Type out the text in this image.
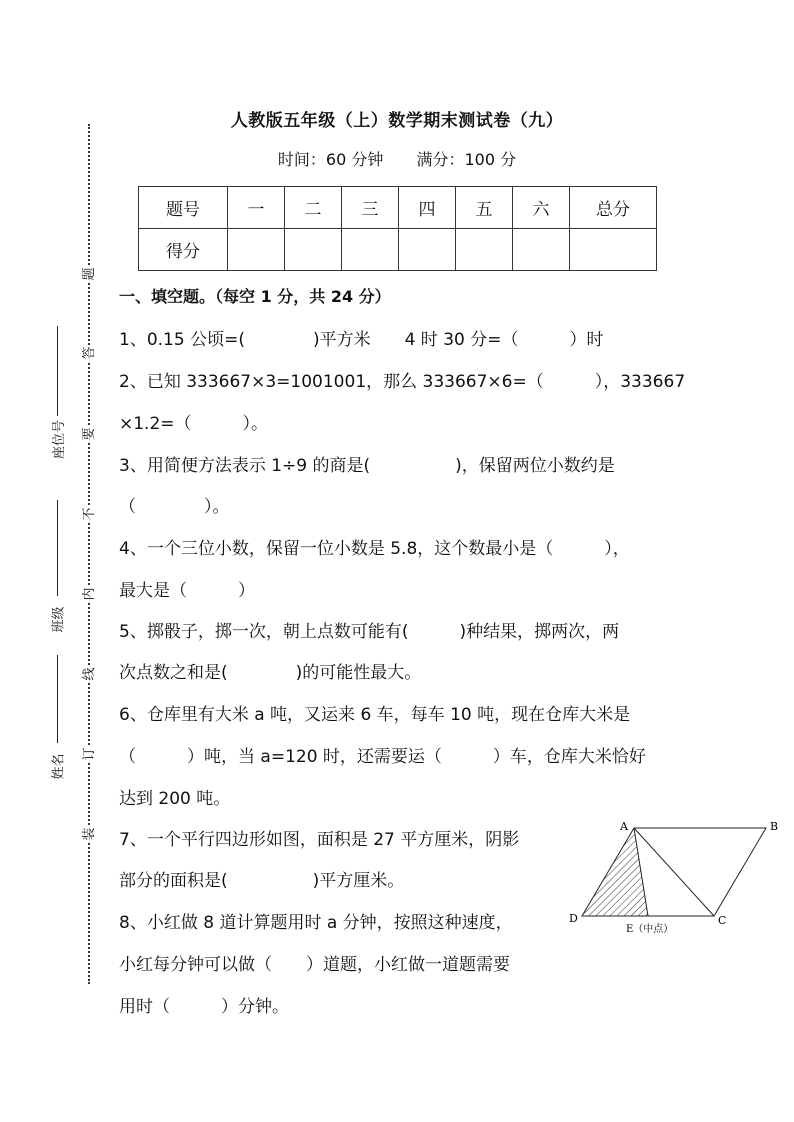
题
答
要
不
内
线
订
装
座位号
班级
姓名
人教版五年级（上）数学期末测试卷（九）
时间：60 分钟 满分：100 分
题号	一	二	三	四	五	六	总分
得分							
一、填空题。（每空 1 分，共 24 分）
1、0.15 公顷=(　　　　)平方米　　4 时 30 分=（　　　）时
2、已知 333667×3=1001001，那么 333667×6=（　　　），333667
×1.2=（　　　）。
3、用简便方法表示 1÷9 的商是(　　　　　)，保留两位小数约是
（　　　　）。
4、一个三位小数，保留一位小数是 5.8，这个数最小是（　　　），
最大是（　　　）
5、掷骰子，掷一次，朝上点数可能有(　　　)种结果，掷两次，两
次点数之和是(　　　　)的可能性最大。
6、仓库里有大米 a 吨，又运来 6 车，每车 10 吨，现在仓库大米是
（　　　）吨，当 a=120 时，还需要运（　　　）车，仓库大米恰好
达到 200 吨。
7、一个平行四边形如图，面积是 27 平方厘米，阴影
部分的面积是(　　　　　)平方厘米。
8、小红做 8 道计算题用时 a 分钟，按照这种速度，
小红每分钟可以做（　　）道题，小红做一道题需要
用时（　　　）分钟。
A	B
C
D
E（中点）
